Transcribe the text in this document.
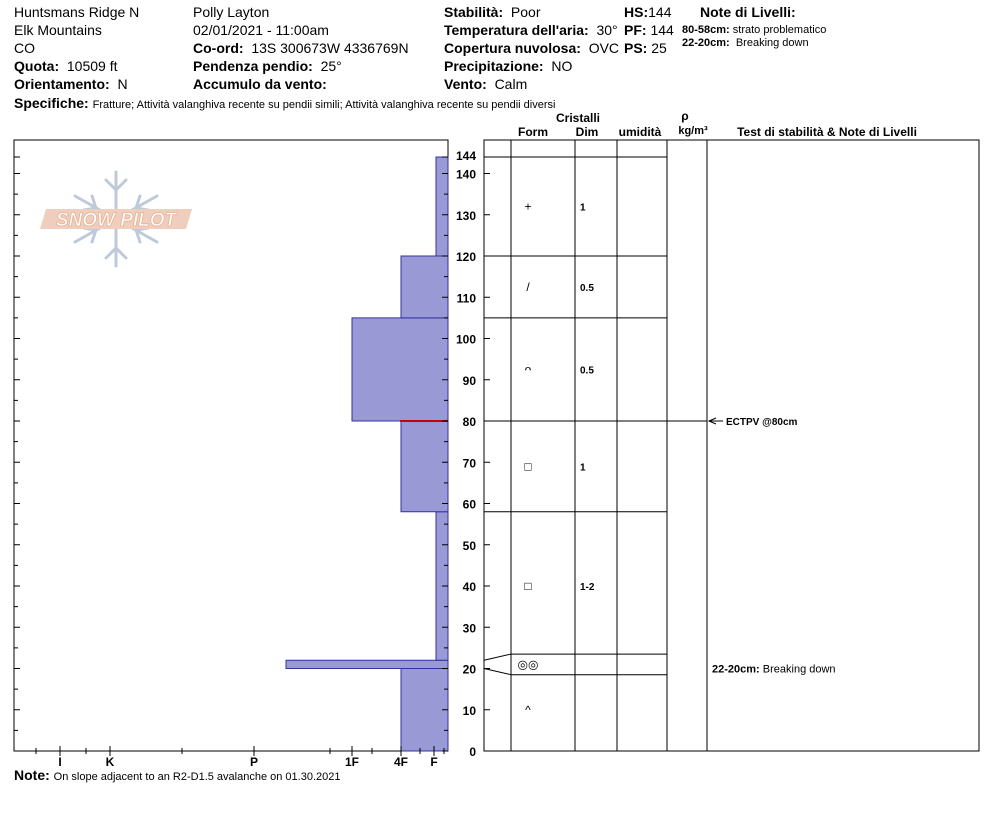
Huntsmans Ridge N
Elk Mountains
CO
Quota: 10509 ft
Orientamento: N
Polly Layton
02/01/2021 - 11:00am
Co-ord: 13S 300673W 4336769N
Pendenza pendio: 25°
Accumulo da vento:
Stabilità: Poor
Temperatura dell'aria: 30°
Copertura nuvolosa: OVC
Precipitazione: NO
Vento: Calm
HS:144
PF: 144
PS: 25
Note di Livelli:
80-58cm: strato problematico
22-20cm: Breaking down
Specifiche: Fratture; Attività valanghiva recente su pendii simili; Attività valanghiva recente su pendii diversi
Note: On slope adjacent to an R2-D1.5 avalanche on 01.30.2021
SNOW PILOT
I	K	P	1F	4F F
0
10
20
30
40
50
60
70
80
90
100
110
120
130
140
144
^
◎◎
□	1-2
□	1
ᴖ	0.5
/	0.5
+	1
ECTPV @80cm
22-20cm: Breaking down
Cristalli
Form Dim umidità
ρ
kg/m³ Test di stabilità & Note di Livelli
